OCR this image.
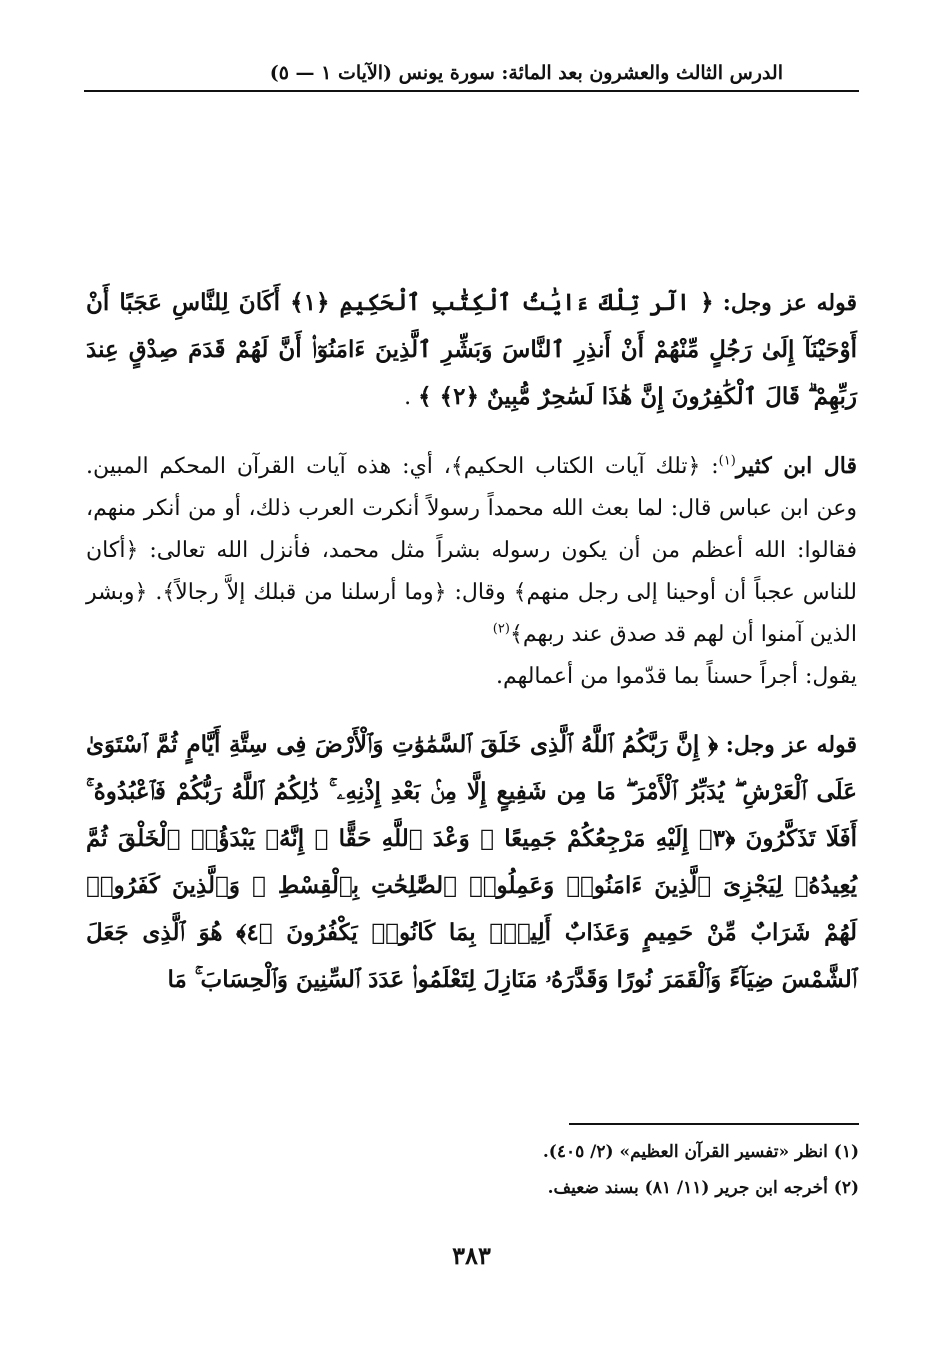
الدرس الثالث والعشرون بعد المائة: سورة يونس (الآيات ١ — ٥)

قوله عز وجل: ﴿ الٓر تِلْكَ ءَايَٰتُ ٱلْكِتَٰبِ ٱلْحَكِيمِ ﴿١﴾ أَكَانَ لِلنَّاسِ عَجَبًا أَنْ أَوْحَيْنَآ إِلَىٰ رَجُلٍ مِّنْهُمْ أَنْ أَنذِرِ ٱلنَّاسَ وَبَشِّرِ ٱلَّذِينَ ءَامَنُوٓا۟ أَنَّ لَهُمْ قَدَمَ صِدْقٍ عِندَ رَبِّهِمْ ۗ قَالَ ٱلْكَٰفِرُونَ إِنَّ هَٰذَا لَسَٰحِرٌ مُّبِينٌ ﴿٢﴾ ﴾ .

قال ابن كثير$^{(١)}$: ﴿تلك آيات الكتاب الحكيم﴾، أي: هذه آيات القرآن المحكم المبين. وعن ابن عباس قال: لما بعث الله محمداً رسولاً أنكرت العرب ذلك، أو من أنكر منهم، فقالوا: الله أعظم من أن يكون رسوله بشراً مثل محمد، فأنزل الله تعالى: ﴿أكان للناس عجباً أن أوحينا إلى رجل منهم﴾ وقال: ﴿وما أرسلنا من قبلك إلاَّ رجالاً﴾. ﴿وبشر الذين آمنوا أن لهم قد صدق عند ربهم﴾$^{(٢)}$

يقول: أجراً حسناً بما قدّموا من أعمالهم.

قوله عز وجل: ﴿ إِنَّ رَبَّكُمُ ٱللَّهُ ٱلَّذِى خَلَقَ ٱلسَّمَٰوَٰتِ وَٱلْأَرْضَ فِى سِتَّةِ أَيَّامٍ ثُمَّ ٱسْتَوَىٰ عَلَى ٱلْعَرْشِ ۖ يُدَبِّرُ ٱلْأَمْرَ ۖ مَا مِن شَفِيعٍ إِلَّا مِنۢ بَعْدِ إِذْنِهِۦ ۚ ذَٰلِكُمُ ٱللَّهُ رَبُّكُمْ فَٱعْبُدُوهُ ۚ أَفَلَا تَذَكَّرُونَ ﴿٣﴾ إِلَيْهِ مَرْجِعُكُمْ جَمِيعًا ۖ وَعْدَ ٱللَّهِ حَقًّا ۚ إِنَّهُۥ يَبْدَؤُا۟ ٱلْخَلْقَ ثُمَّ يُعِيدُهُۥ لِيَجْزِىَ ٱلَّذِينَ ءَامَنُوا۟ وَعَمِلُوا۟ ٱلصَّٰلِحَٰتِ بِٱلْقِسْطِ ۚ وَٱلَّذِينَ كَفَرُوا۟ لَهُمْ شَرَابٌ مِّنْ حَمِيمٍ وَعَذَابٌ أَلِيمٌۢ بِمَا كَانُوا۟ يَكْفُرُونَ ﴿٤﴾ هُوَ ٱلَّذِى جَعَلَ ٱلشَّمْسَ ضِيَآءً وَٱلْقَمَرَ نُورًا وَقَدَّرَهُۥ مَنَازِلَ لِتَعْلَمُوا۟ عَدَدَ ٱلسِّنِينَ وَٱلْحِسَابَ ۚ مَا

(١) انظر «تفسير القرآن العظيم» (٢/ ٤٠٥).

(٢) أخرجه ابن جرير (١١/ ٨١) بسند ضعيف.

٣٨٣
